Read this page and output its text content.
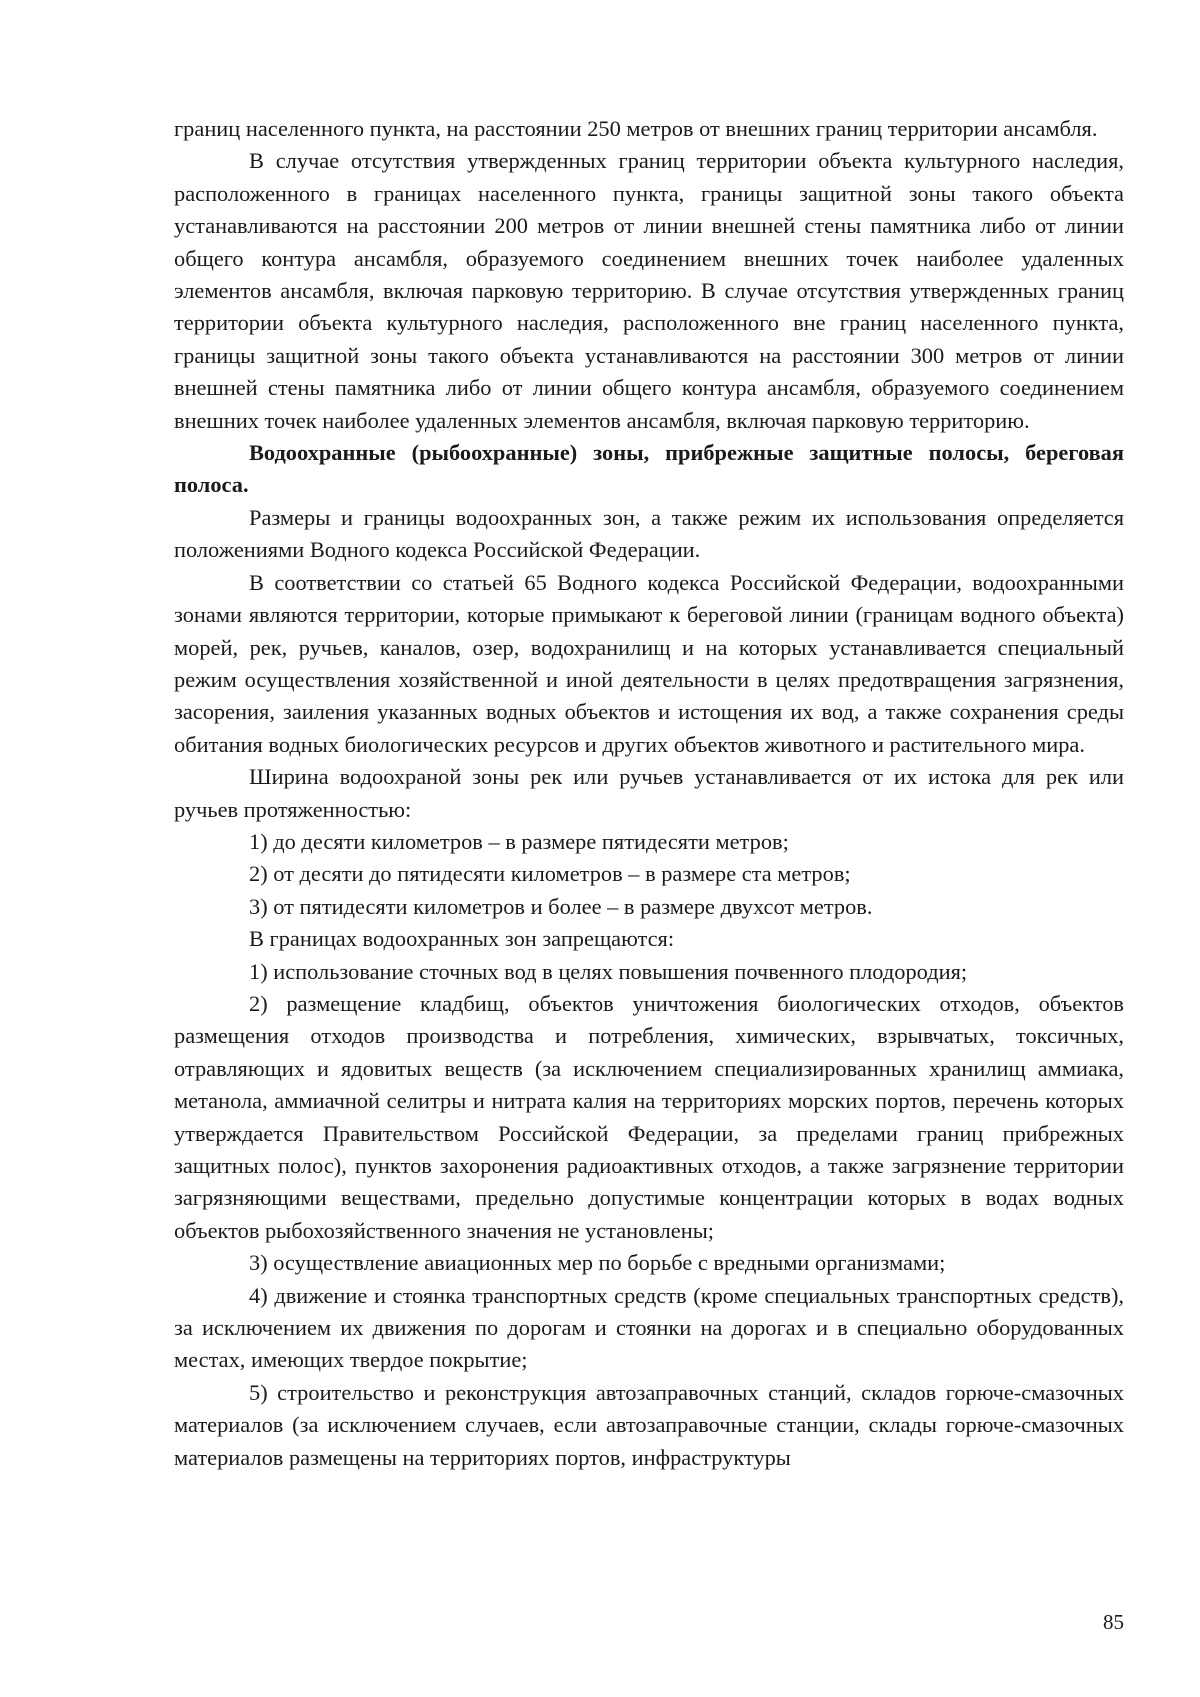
границ населенного пункта, на расстоянии 250 метров от внешних границ территории ансамбля.

В случае отсутствия утвержденных границ территории объекта культурного наследия, расположенного в границах населенного пункта, границы защитной зоны такого объекта устанавливаются на расстоянии 200 метров от линии внешней стены памятника либо от линии общего контура ансамбля, образуемого соединением внешних точек наиболее удаленных элементов ансамбля, включая парковую территорию. В случае отсутствия утвержденных границ территории объекта культурного наследия, расположенного вне границ населенного пункта, границы защитной зоны такого объекта устанавливаются на расстоянии 300 метров от линии внешней стены памятника либо от линии общего контура ансамбля, образуемого соединением внешних точек наиболее удаленных элементов ансамбля, включая парковую территорию.

Водоохранные (рыбоохранные) зоны, прибрежные защитные полосы, береговая полоса.

Размеры и границы водоохранных зон, а также режим их использования определяется положениями Водного кодекса Российской Федерации.

В соответствии со статьей 65 Водного кодекса Российской Федерации, водоохранными зонами являются территории, которые примыкают к береговой линии (границам водного объекта) морей, рек, ручьев, каналов, озер, водохранилищ и на которых устанавливается специальный режим осуществления хозяйственной и иной деятельности в целях предотвращения загрязнения, засорения, заиления указанных водных объектов и истощения их вод, а также сохранения среды обитания водных биологических ресурсов и других объектов животного и растительного мира.

Ширина водоохраной зоны рек или ручьев устанавливается от их истока для рек или ручьев протяженностью:

1) до десяти километров – в размере пятидесяти метров;

2) от десяти до пятидесяти километров – в размере ста метров;

3) от пятидесяти километров и более – в размере двухсот метров.

В границах водоохранных зон запрещаются:

1) использование сточных вод в целях повышения почвенного плодородия;

2) размещение кладбищ, объектов уничтожения биологических отходов, объектов размещения отходов производства и потребления, химических, взрывчатых, токсичных, отравляющих и ядовитых веществ (за исключением специализированных хранилищ аммиака, метанола, аммиачной селитры и нитрата калия на территориях морских портов, перечень которых утверждается Правительством Российской Федерации, за пределами границ прибрежных защитных полос), пунктов захоронения радиоактивных отходов, а также загрязнение территории загрязняющими веществами, предельно допустимые концентрации которых в водах водных объектов рыбохозяйственного значения не установлены;

3) осуществление авиационных мер по борьбе с вредными организмами;

4) движение и стоянка транспортных средств (кроме специальных транспортных средств), за исключением их движения по дорогам и стоянки на дорогах и в специально оборудованных местах, имеющих твердое покрытие;

5) строительство и реконструкция автозаправочных станций, складов горюче-смазочных материалов (за исключением случаев, если автозаправочные станции, склады горюче-смазочных материалов размещены на территориях портов, инфраструктуры

85
